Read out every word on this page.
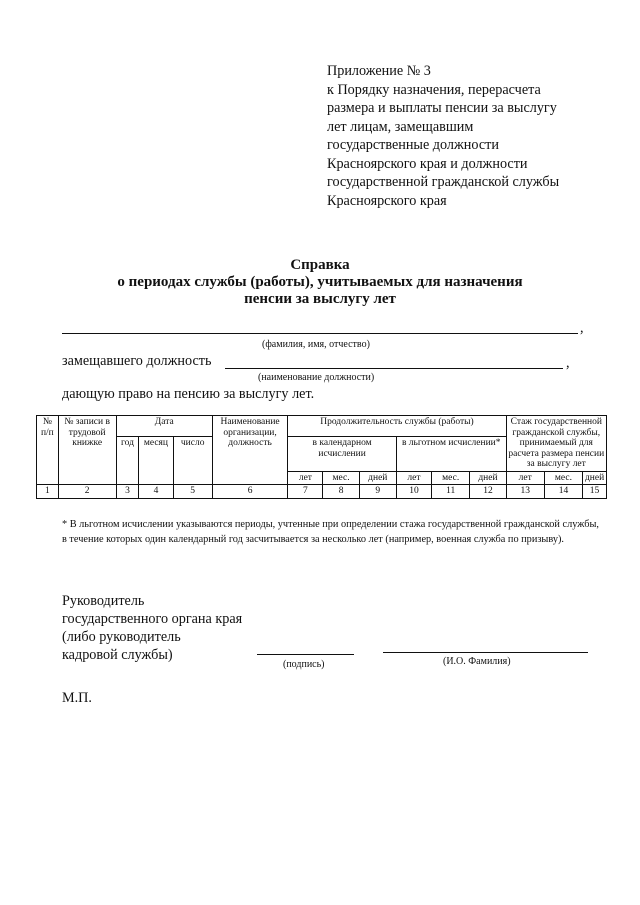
Приложение № 3
к Порядку назначения, перерасчета
размера и выплаты пенсии за выслугу
лет лицам, замещавшим
государственные должности
Красноярского края и должности
государственной гражданской службы
Красноярского края
Справка
о периодах службы (работы), учитываемых для назначения
пенсии за выслугу лет
,
(фамилия, имя, отчество)
замещавшего должность	,
(наименование должности)
дающую право на пенсию за выслугу лет.
№ п/п	№ записи в трудовой книжке	Дата			Наименование организации, должность	Продолжительность службы (работы)						Стаж государственной гражданской службы, принимаемый для расчета размера пенсии за выслугу лет		
		год	месяц	число		в календарном исчислении			в льготном исчислении*					
						лет	мес.	дней	лет	мес.	дней	лет	мес.	дней
1	2	3	4	5	6	7	8	9	10	11	12	13	14	15
* В льготном исчислении указываются периоды, учтенные при определении стажа государственной гражданской службы, в течение которых один календарный год засчитывается за несколько лет (например, военная служба по призыву).
Руководитель
государственного органа края
(либо руководитель
кадровой службы)
(подпись)	(И.О. Фамилия)
М.П.
